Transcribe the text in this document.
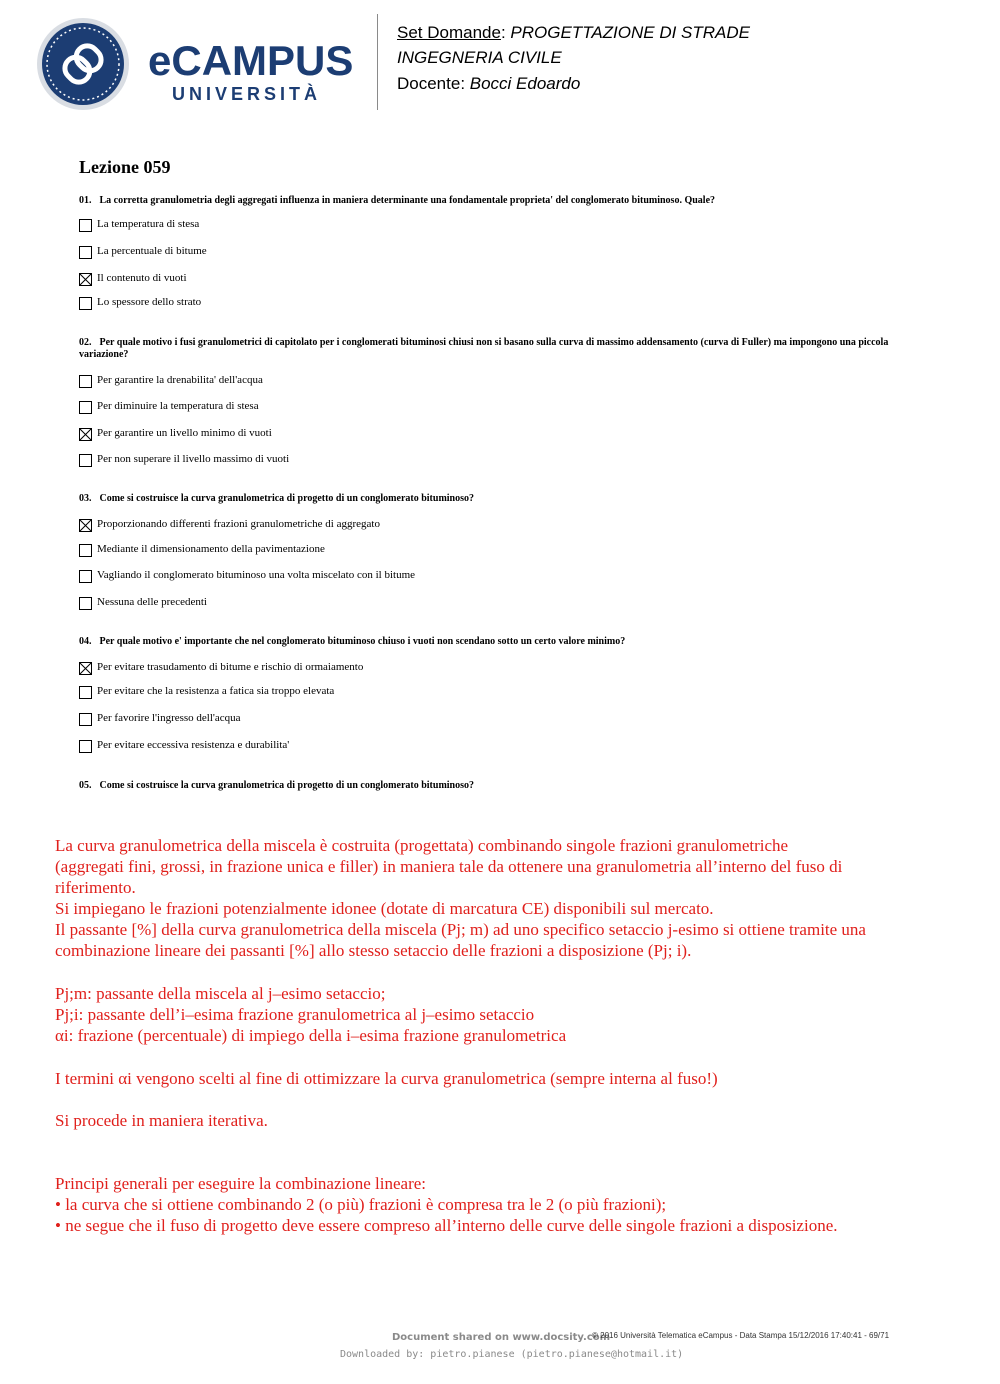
eCAMPUS
UNIVERSITÀ
Set Domande: PROGETTAZIONE DI STRADE
INGEGNERIA CIVILE
Docente: Bocci Edoardo
Lezione 059
01. La corretta granulometria degli aggregati influenza in maniera determinante una fondamentale proprieta' del conglomerato bituminoso. Quale?
La temperatura di stesa
La percentuale di bitume
Il contenuto di vuoti
Lo spessore dello strato
02. Per quale motivo i fusi granulometrici di capitolato per i conglomerati bituminosi chiusi non si basano sulla curva di massimo addensamento (curva di Fuller) ma impongono una piccola variazione?
Per garantire la drenabilita' dell'acqua
Per diminuire la temperatura di stesa
Per garantire un livello minimo di vuoti
Per non superare il livello massimo di vuoti
03. Come si costruisce la curva granulometrica di progetto di un conglomerato bituminoso?
Proporzionando differenti frazioni granulometriche di aggregato
Mediante il dimensionamento della pavimentazione
Vagliando il conglomerato bituminoso una volta miscelato con il bitume
Nessuna delle precedenti
04. Per quale motivo e' importante che nel conglomerato bituminoso chiuso i vuoti non scendano sotto un certo valore minimo?
Per evitare trasudamento di bitume e rischio di ormaiamento
Per evitare che la resistenza a fatica sia troppo elevata
Per favorire l'ingresso dell'acqua
Per evitare eccessiva resistenza e durabilita'
05. Come si costruisce la curva granulometrica di progetto di un conglomerato bituminoso?
La curva granulometrica della miscela è costruita (progettata) combinando singole frazioni granulometriche
(aggregati fini, grossi, in frazione unica e filler) in maniera tale da ottenere una granulometria all’interno del fuso di
riferimento.
Si impiegano le frazioni potenzialmente idonee (dotate di marcatura CE) disponibili sul mercato.
Il passante [%] della curva granulometrica della miscela (Pj; m) ad uno specifico setaccio j-esimo si ottiene tramite una
combinazione lineare dei passanti [%] allo stesso setaccio delle frazioni a disposizione (Pj; i).
Pj;m: passante della miscela al j–esimo setaccio;
Pj;i: passante dell’i–esima frazione granulometrica al j–esimo setaccio
αi: frazione (percentuale) di impiego della i–esima frazione granulometrica
I termini αi vengono scelti al fine di ottimizzare la curva granulometrica (sempre interna al fuso!)
Si procede in maniera iterativa.
Principi generali per eseguire la combinazione lineare:
• la curva che si ottiene combinando 2 (o più) frazioni è compresa tra le 2 (o più frazioni);
• ne segue che il fuso di progetto deve essere compreso all’interno delle curve delle singole frazioni a disposizione.
Document shared on www.docsity.com
© 2016 Università Telematica eCampus - Data Stampa 15/12/2016 17:40:41 - 69/71
Downloaded by: pietro.pianese (pietro.pianese@hotmail.it)
